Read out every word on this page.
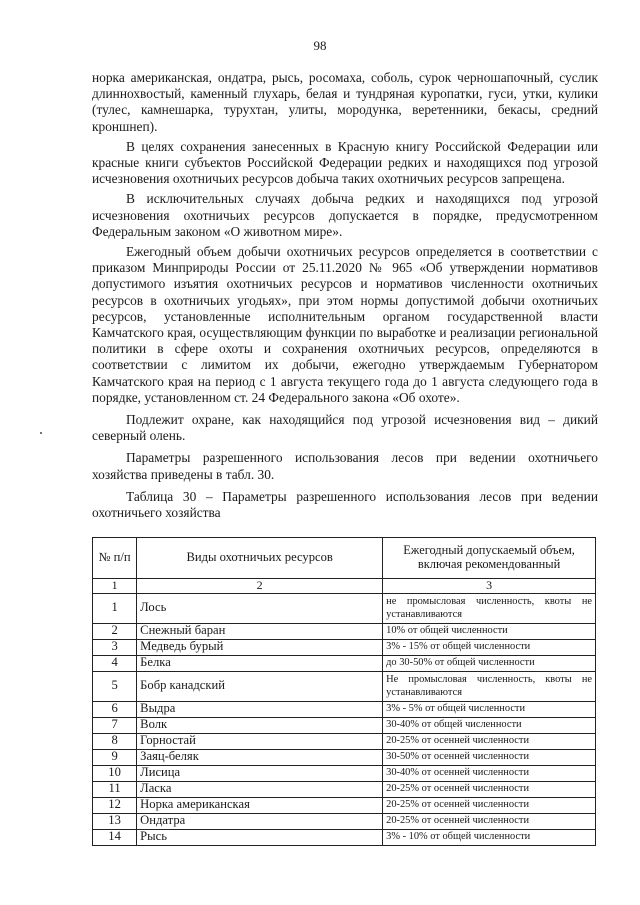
98

норка американская, ондатра, рысь, росомаха, соболь, сурок черношапочный, суслик длиннохвостый, каменный глухарь, белая и тундряная куропатки, гуси, утки, кулики (тулес, камнешарка, турухтан, улиты, мородунка, веретенники, бекасы, средний кроншнеп).

В целях сохранения занесенных в Красную книгу Российской Федерации или красные книги субъектов Российской Федерации редких и находящихся под угрозой исчезновения охотничьих ресурсов добыча таких охотничьих ресурсов запрещена.

В исключительных случаях добыча редких и находящихся под угрозой исчезновения охотничьих ресурсов допускается в порядке, предусмотренном Федеральным законом «О животном мире».

Ежегодный объем добычи охотничьих ресурсов определяется в соответствии с приказом Минприроды России от 25.11.2020 № 965 «Об утверждении нормативов допустимого изъятия охотничьих ресурсов и нормативов численности охотничьих ресурсов в охотничьих угодьях», при этом нормы допустимой добычи охотничьих ресурсов, установленные исполнительным органом государственной власти Камчатского края, осуществляющим функции по выработке и реализации региональной политики в сфере охоты и сохранения охотничьих ресурсов, определяются в соответствии с лимитом их добычи, ежегодно утверждаемым Губернатором Камчатского края на период с 1 августа текущего года до 1 августа следующего года в порядке, установленном ст. 24 Федерального закона «Об охоте».

Подлежит охране, как находящийся под угрозой исчезновения вид – дикий северный олень.

Параметры разрешенного использования лесов при ведении охотничьего хозяйства приведены в табл. 30.

Таблица 30 – Параметры разрешенного использования лесов при ведении охотничьего хозяйства

№ п/п	Виды охотничьих ресурсов	Ежегодный допускаемый объем, включая рекомендованный
1	2	3
1	Лось	не промысловая численность, квоты не устанавливаются
2	Снежный баран	10% от общей численности
3	Медведь бурый	3% - 15% от общей численности
4	Белка	до 30-50% от общей численности
5	Бобр канадский	Не промысловая численность, квоты не устанавливаются
6	Выдра	3% - 5% от общей численности
7	Волк	30-40% от общей численности
8	Горностай	20-25% от осенней численности
9	Заяц-беляк	30-50% от осенней численности
10	Лисица	30-40% от осенней численности
11	Ласка	20-25% от осенней численности
12	Норка американская	20-25% от осенней численности
13	Ондатра	20-25% от осенней численности
14	Рысь	3% - 10% от общей численности
